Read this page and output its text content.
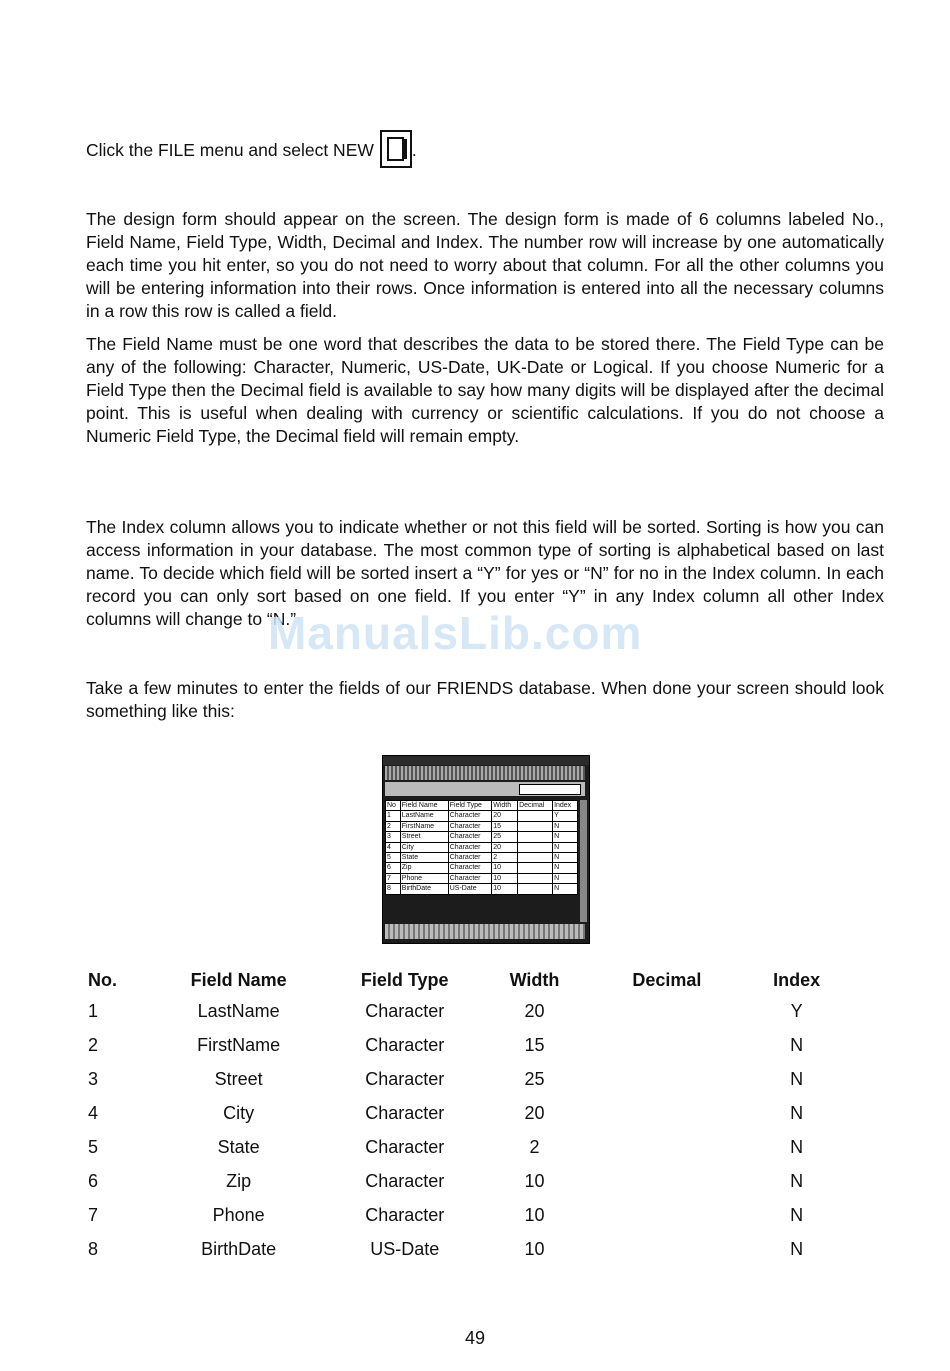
Click the FILE menu and select NEW .

The design form should appear on the screen. The design form is made of 6 columns labeled No., Field Name, Field Type, Width, Decimal and Index. The number row will increase by one automatically each time you hit enter, so you do not need to worry about that column. For all the other columns you will be entering information into their rows. Once information is entered into all the necessary columns in a row this row is called a field.

The Field Name must be one word that describes the data to be stored there. The Field Type can be any of the following: Character, Numeric, US-Date, UK-Date or Logical. If you choose Numeric for a Field Type then the Decimal field is available to say how many digits will be displayed after the decimal point. This is useful when dealing with currency or scientific calculations. If you do not choose a Numeric Field Type, the Decimal field will remain empty.

The Index column allows you to indicate whether or not this field will be sorted. Sorting is how you can access information in your database. The most common type of sorting is alphabetical based on last name. To decide which field will be sorted insert a “Y” for yes or “N” for no in the Index column. In each record you can only sort based on one field. If you enter “Y” in any Index column all other Index columns will change to “N.”

ManualsLib.com

Take a few minutes to enter the fields of our FRIENDS database. When done your screen should look something like this:

No	Field Name	Field Type	Width	Decimal	Index
1	LastName	Character	20		Y
2	FirstName	Character	15		N
3	Street	Character	25		N
4	City	Character	20		N
5	State	Character	2		N
6	Zip	Character	10		N
7	Phone	Character	10		N
8	BirthDate	US-Date	10		N
No.	Field Name	Field Type	Width	Decimal	Index
1	LastName	Character	20		Y
2	FirstName	Character	15		N
3	Street	Character	25		N
4	City	Character	20		N
5	State	Character	2		N
6	Zip	Character	10		N
7	Phone	Character	10		N
8	BirthDate	US-Date	10		N
49
